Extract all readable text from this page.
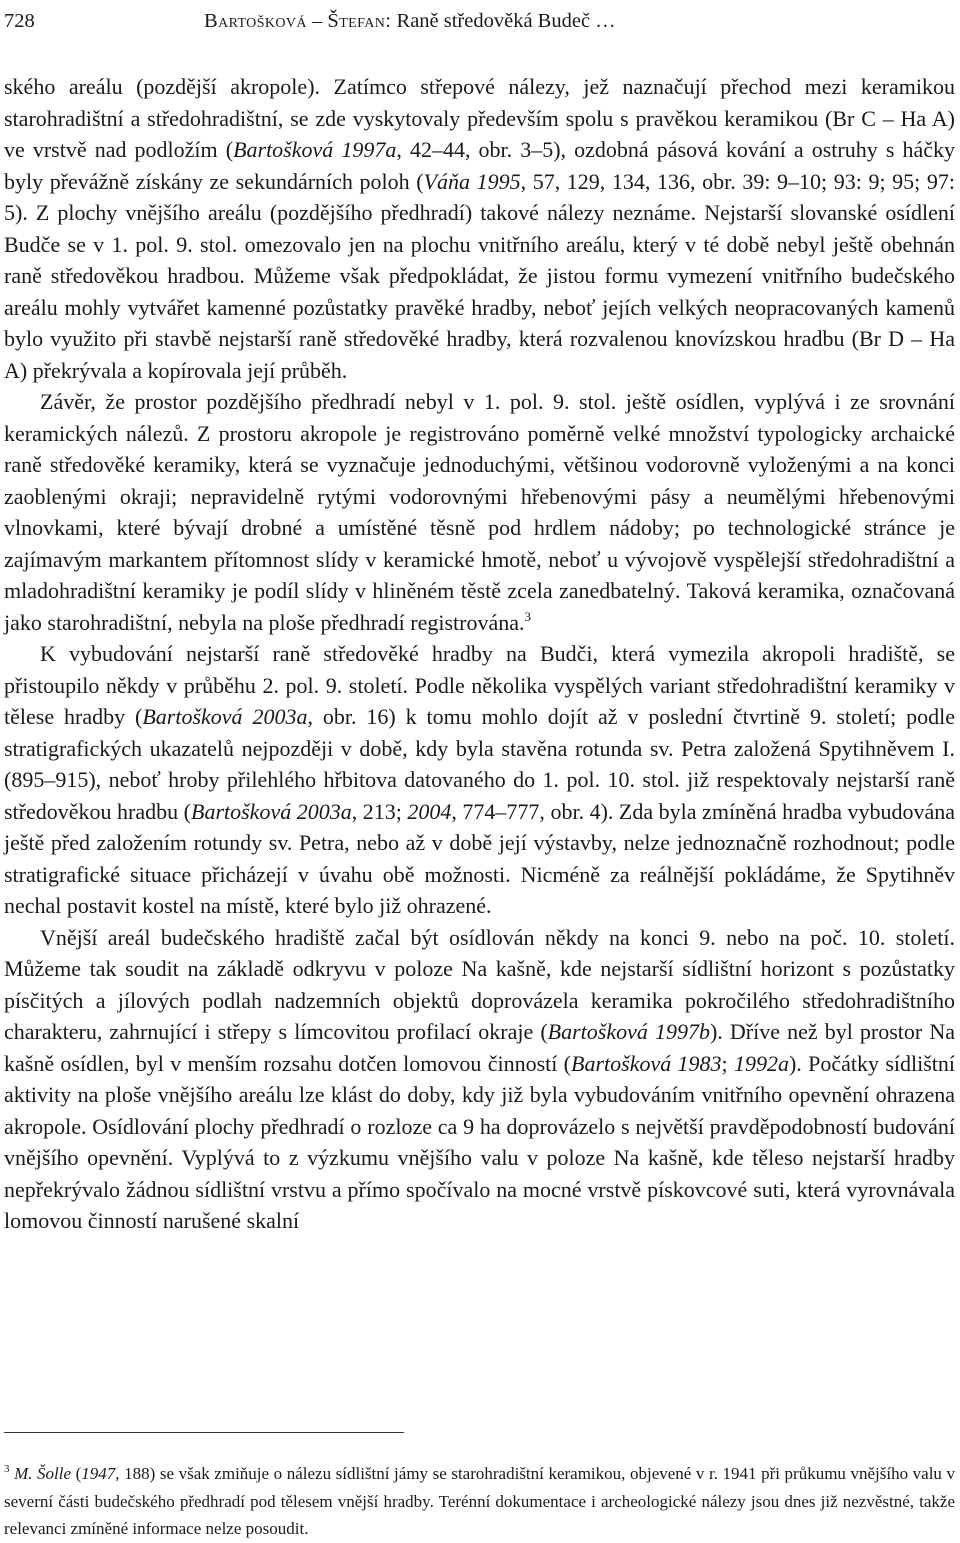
728	Bartošková – Štefan: Raně středověká Budeč …

ského areálu (pozdější akropole). Zatímco střepové nálezy, jež naznačují přechod mezi keramikou starohradištní a středohradištní, se zde vyskytovaly především spolu s pravěkou keramikou (Br C – Ha A) ve vrstvě nad podložím (Bartošková 1997a, 42–44, obr. 3–5), ozdobná pásová kování a ostruhy s háčky byly převážně získány ze sekundárních poloh (Váňa 1995, 57, 129, 134, 136, obr. 39: 9–10; 93: 9; 95; 97: 5). Z plochy vnějšího areálu (pozdějšího předhradí) takové nálezy neznáme. Nejstarší slovanské osídlení Budče se v 1. pol. 9. stol. omezovalo jen na plochu vnitřního areálu, který v té době nebyl ještě obehnán raně středověkou hradbou. Můžeme však předpokládat, že jistou formu vymezení vnitřního budečského areálu mohly vytvářet kamenné pozůstatky pravěké hradby, neboť jejích velkých neopracovaných kamenů bylo využito při stavbě nejstarší raně středověké hradby, která rozvalenou knovízskou hradbu (Br D – Ha A) překrývala a kopírovala její průběh.

Závěr, že prostor pozdějšího předhradí nebyl v 1. pol. 9. stol. ještě osídlen, vyplývá i ze srovnání keramických nálezů. Z prostoru akropole je registrováno poměrně velké množství typologicky archaické raně středověké keramiky, která se vyznačuje jednoduchými, většinou vodorovně vyloženými a na konci zaoblenými okraji; nepravidelně rytými vodorovnými hřebenovými pásy a neumělými hřebenovými vlnovkami, které bývají drobné a umístěné těsně pod hrdlem nádoby; po technologické stránce je zajímavým markantem přítomnost slídy v keramické hmotě, neboť u vývojově vyspělejší středohradištní a mladohradištní keramiky je podíl slídy v hliněném těstě zcela zanedbatelný. Taková keramika, označovaná jako starohradištní, nebyla na ploše předhradí registrována.$^3$

K vybudování nejstarší raně středověké hradby na Budči, která vymezila akropoli hradiště, se přistoupilo někdy v průběhu 2. pol. 9. století. Podle několika vyspělých variant středohradištní keramiky v tělese hradby (Bartošková 2003a, obr. 16) k tomu mohlo dojít až v poslední čtvrtině 9. století; podle stratigrafických ukazatelů nejpozději v době, kdy byla stavěna rotunda sv. Petra založená Spytihněvem I. (895–915), neboť hroby přilehlého hřbitova datovaného do 1. pol. 10. stol. již respektovaly nejstarší raně středověkou hradbu (Bartošková 2003a, 213; 2004, 774–777, obr. 4). Zda byla zmíněná hradba vybudována ještě před založením rotundy sv. Petra, nebo až v době její výstavby, nelze jednoznačně rozhodnout; podle stratigrafické situace přicházejí v úvahu obě možnosti. Nicméně za reálnější pokládáme, že Spytihněv nechal postavit kostel na místě, které bylo již ohrazené.

Vnější areál budečského hradiště začal být osídlován někdy na konci 9. nebo na poč. 10. století. Můžeme tak soudit na základě odkryvu v poloze Na kašně, kde nejstarší sídlištní horizont s pozůstatky písčitých a jílových podlah nadzemních objektů doprovázela keramika pokročilého středohradištního charakteru, zahrnující i střepy s límcovitou profilací okraje (Bartošková 1997b). Dříve než byl prostor Na kašně osídlen, byl v menším rozsahu dotčen lomovou činností (Bartošková 1983; 1992a). Počátky sídlištní aktivity na ploše vnějšího areálu lze klást do doby, kdy již byla vybudováním vnitřního opevnění ohrazena akropole. Osídlování plochy předhradí o rozloze ca 9 ha doprovázelo s největší pravděpodobností budování vnějšího opevnění. Vyplývá to z výzkumu vnějšího valu v poloze Na kašně, kde těleso nejstarší hradby nepřekrývalo žádnou sídlištní vrstvu a přímo spočívalo na mocné vrstvě pískovcové suti, která vyrovnávala lomovou činností narušené skalní

$^3$ M. Šolle (1947, 188) se však zmiňuje o nálezu sídlištní jámy se starohradištní keramikou, objevené v r. 1941 při průkumu vnějšího valu v severní části budečského předhradí pod tělesem vnější hradby. Terénní dokumentace i archeologické nálezy jsou dnes již nezvěstné, takže relevanci zmíněné informace nelze posoudit.
